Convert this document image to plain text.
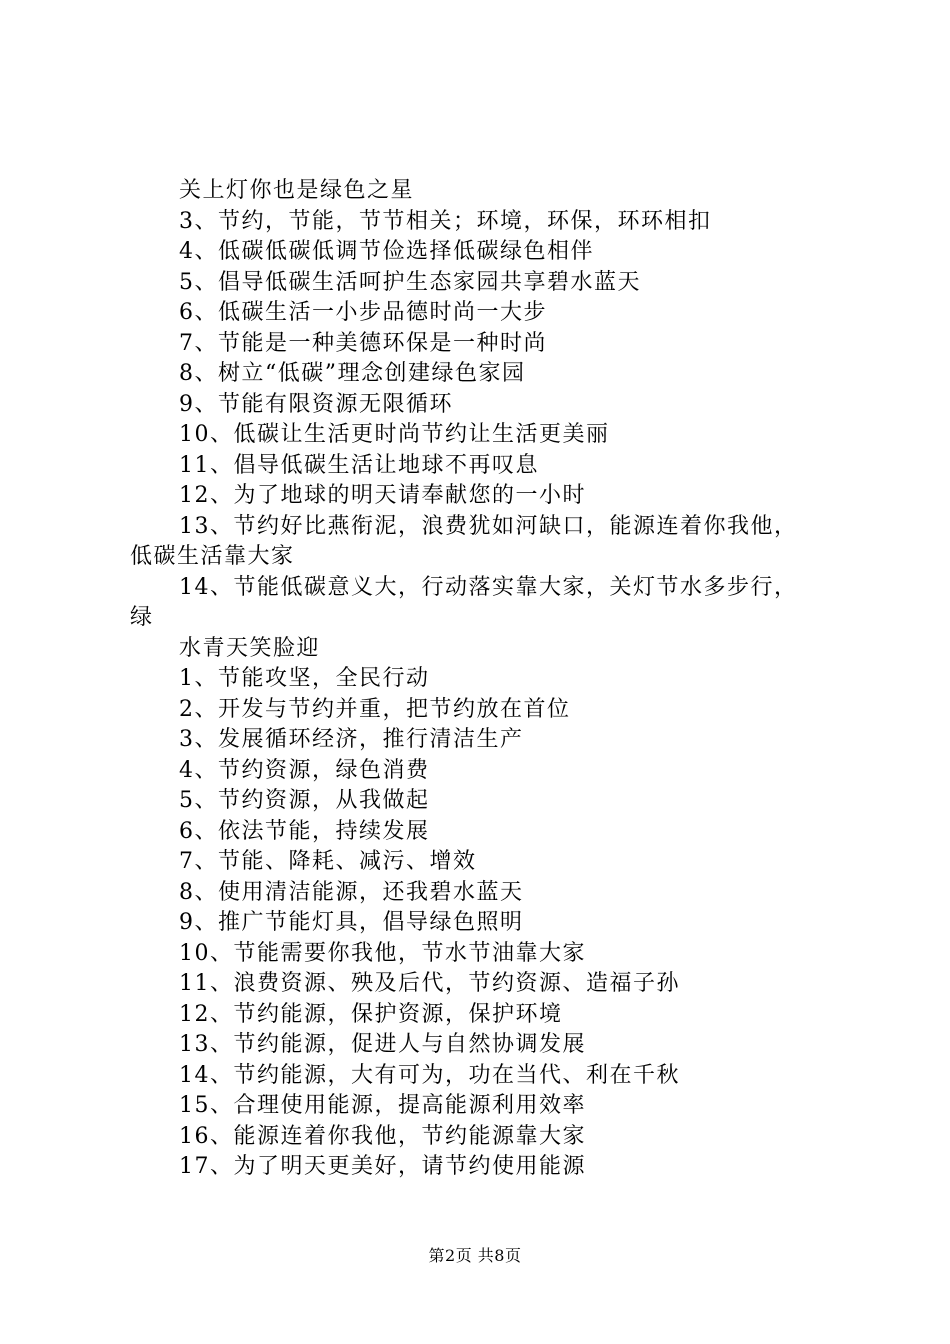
关上灯你也是绿色之星
3、节约，节能，节节相关；环境，环保，环环相扣
4、低碳低碳低调节俭选择低碳绿色相伴
5、倡导低碳生活呵护生态家园共享碧水蓝天
6、低碳生活一小步品德时尚一大步
7、节能是一种美德环保是一种时尚
8、树立“低碳”理念创建绿色家园
9、节能有限资源无限循环
10、低碳让生活更时尚节约让生活更美丽
11、倡导低碳生活让地球不再叹息
12、为了地球的明天请奉献您的一小时
13、节约好比燕衔泥，浪费犹如河缺口，能源连着你我他，
低碳生活靠大家
14、节能低碳意义大，行动落实靠大家，关灯节水多步行，
绿
水青天笑脸迎
1、节能攻坚，全民行动
2、开发与节约并重，把节约放在首位
3、发展循环经济，推行清洁生产
4、节约资源，绿色消费
5、节约资源，从我做起
6、依法节能，持续发展
7、节能、降耗、减污、增效
8、使用清洁能源，还我碧水蓝天
9、推广节能灯具，倡导绿色照明
10、节能需要你我他，节水节油靠大家
11、浪费资源、殃及后代，节约资源、造福子孙
12、节约能源，保护资源，保护环境
13、节约能源，促进人与自然协调发展
14、节约能源，大有可为，功在当代、利在千秋
15、合理使用能源，提高能源利用效率
16、能源连着你我他，节约能源靠大家
17、为了明天更美好，请节约使用能源
第2页 共8页
